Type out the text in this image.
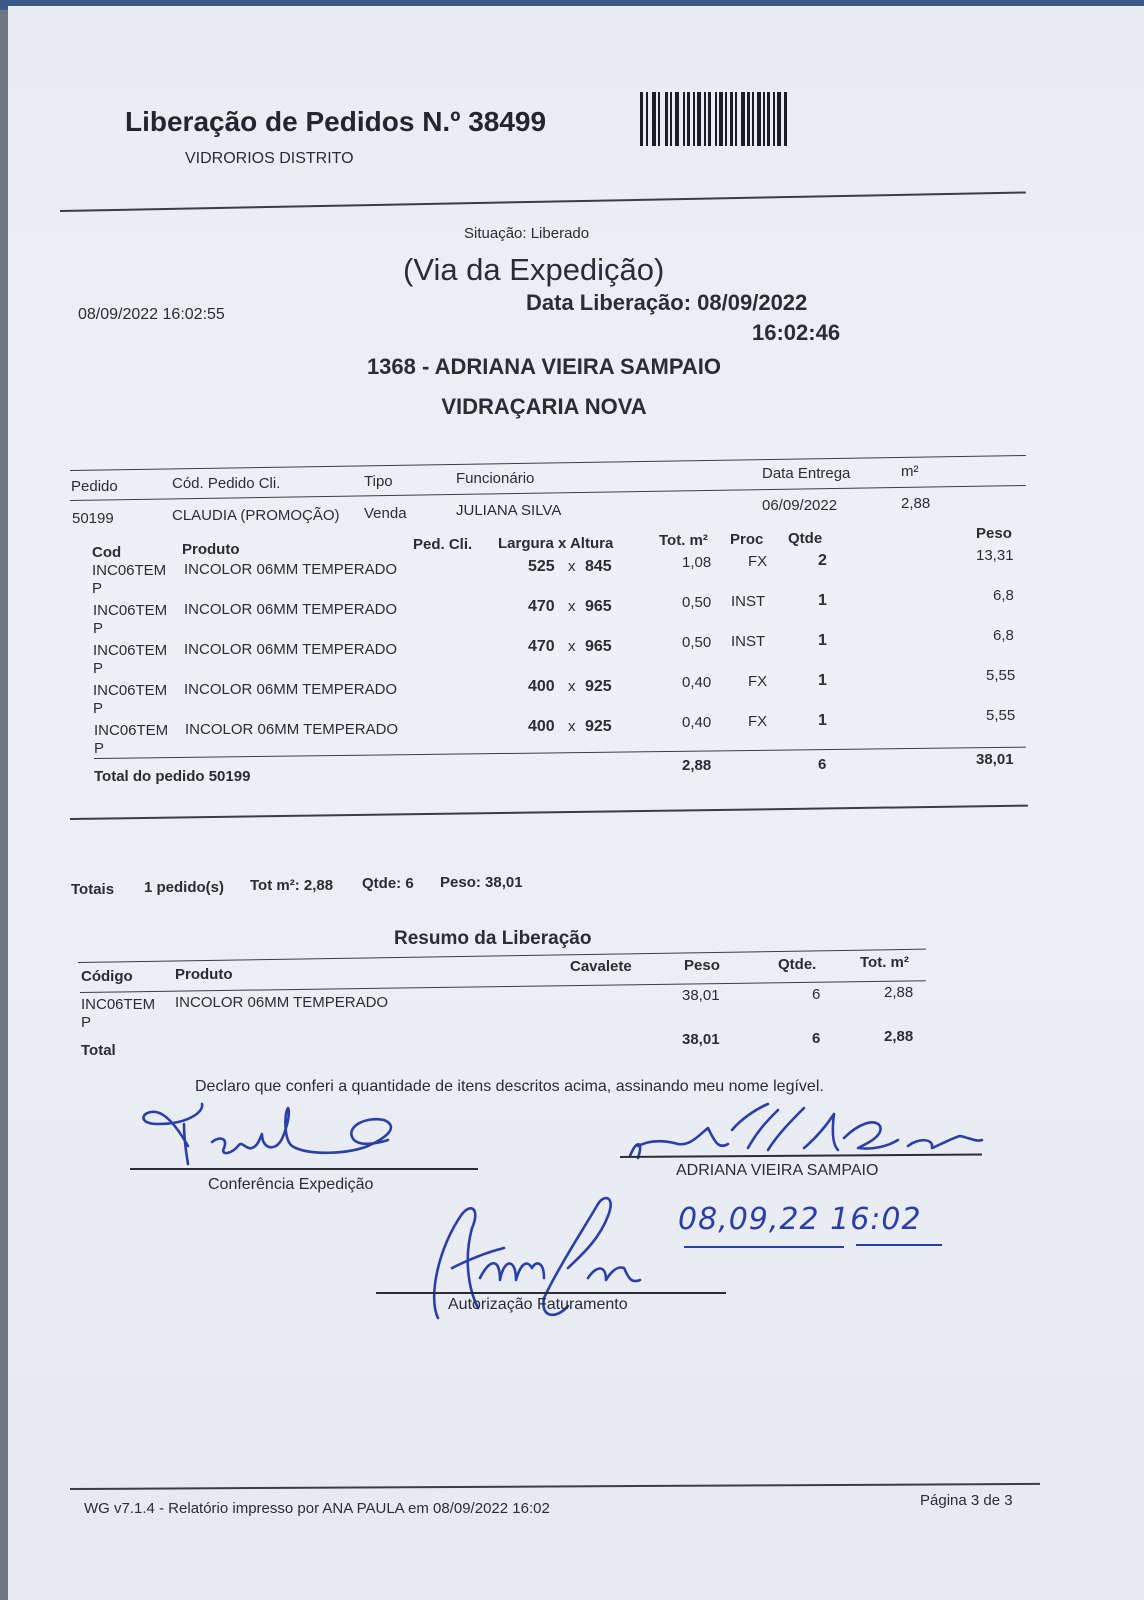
Liberação de Pedidos N.º 38499
VIDRORIOS DISTRITO
Situação: Liberado
(Via da Expedição)
08/09/2022 16:02:55	Data Liberação: 08/09/2022
16:02:46
1368 - ADRIANA VIEIRA SAMPAIO
VIDRAÇARIA NOVA
Pedido	Cód. Pedido Cli.	Tipo	Funcionário	Data Entrega	m²
50199	CLAUDIA (PROMOÇÃO) Venda	JULIANA SILVA	06/09/2022	2,88
Cod	Produto	Ped. Cli. Largura x Altura	Tot. m² Proc Qtde	Peso
INC06TEM
P
INCOLOR 06MM TEMPERADO	525 x 845	1,08 FX	2	13,31
INC06TEM
P
INCOLOR 06MM TEMPERADO	470 x 965	0,50 INST	1	6,8
INC06TEM
P
INCOLOR 06MM TEMPERADO	470 x 965	0,50 INST	1	6,8
INC06TEM
P
INCOLOR 06MM TEMPERADO	400 x 925	0,40 FX	1	5,55
INC06TEM
P
INCOLOR 06MM TEMPERADO	400 x 925	0,40 FX	1	5,55
Total do pedido 50199
2,88	6	38,01
Totais 1 pedido(s) Tot m²: 2,88 Qtde: 6 Peso: 38,01
Resumo da Liberação
Código	Produto	Cavalete	Peso	Qtde.	Tot. m²
INC06TEM
P
INCOLOR 06MM TEMPERADO	38,01	6	2,88
Total
38,01	6	2,88
Declaro que conferi a quantidade de itens descritos acima, assinando meu nome legível.
Conferência Expedição
ADRIANA VIEIRA SAMPAIO
08,09,22 16:02
Autorização Faturamento
WG v7.1.4 - Relatório impresso por ANA PAULA em 08/09/2022 16:02	Página 3 de 3
